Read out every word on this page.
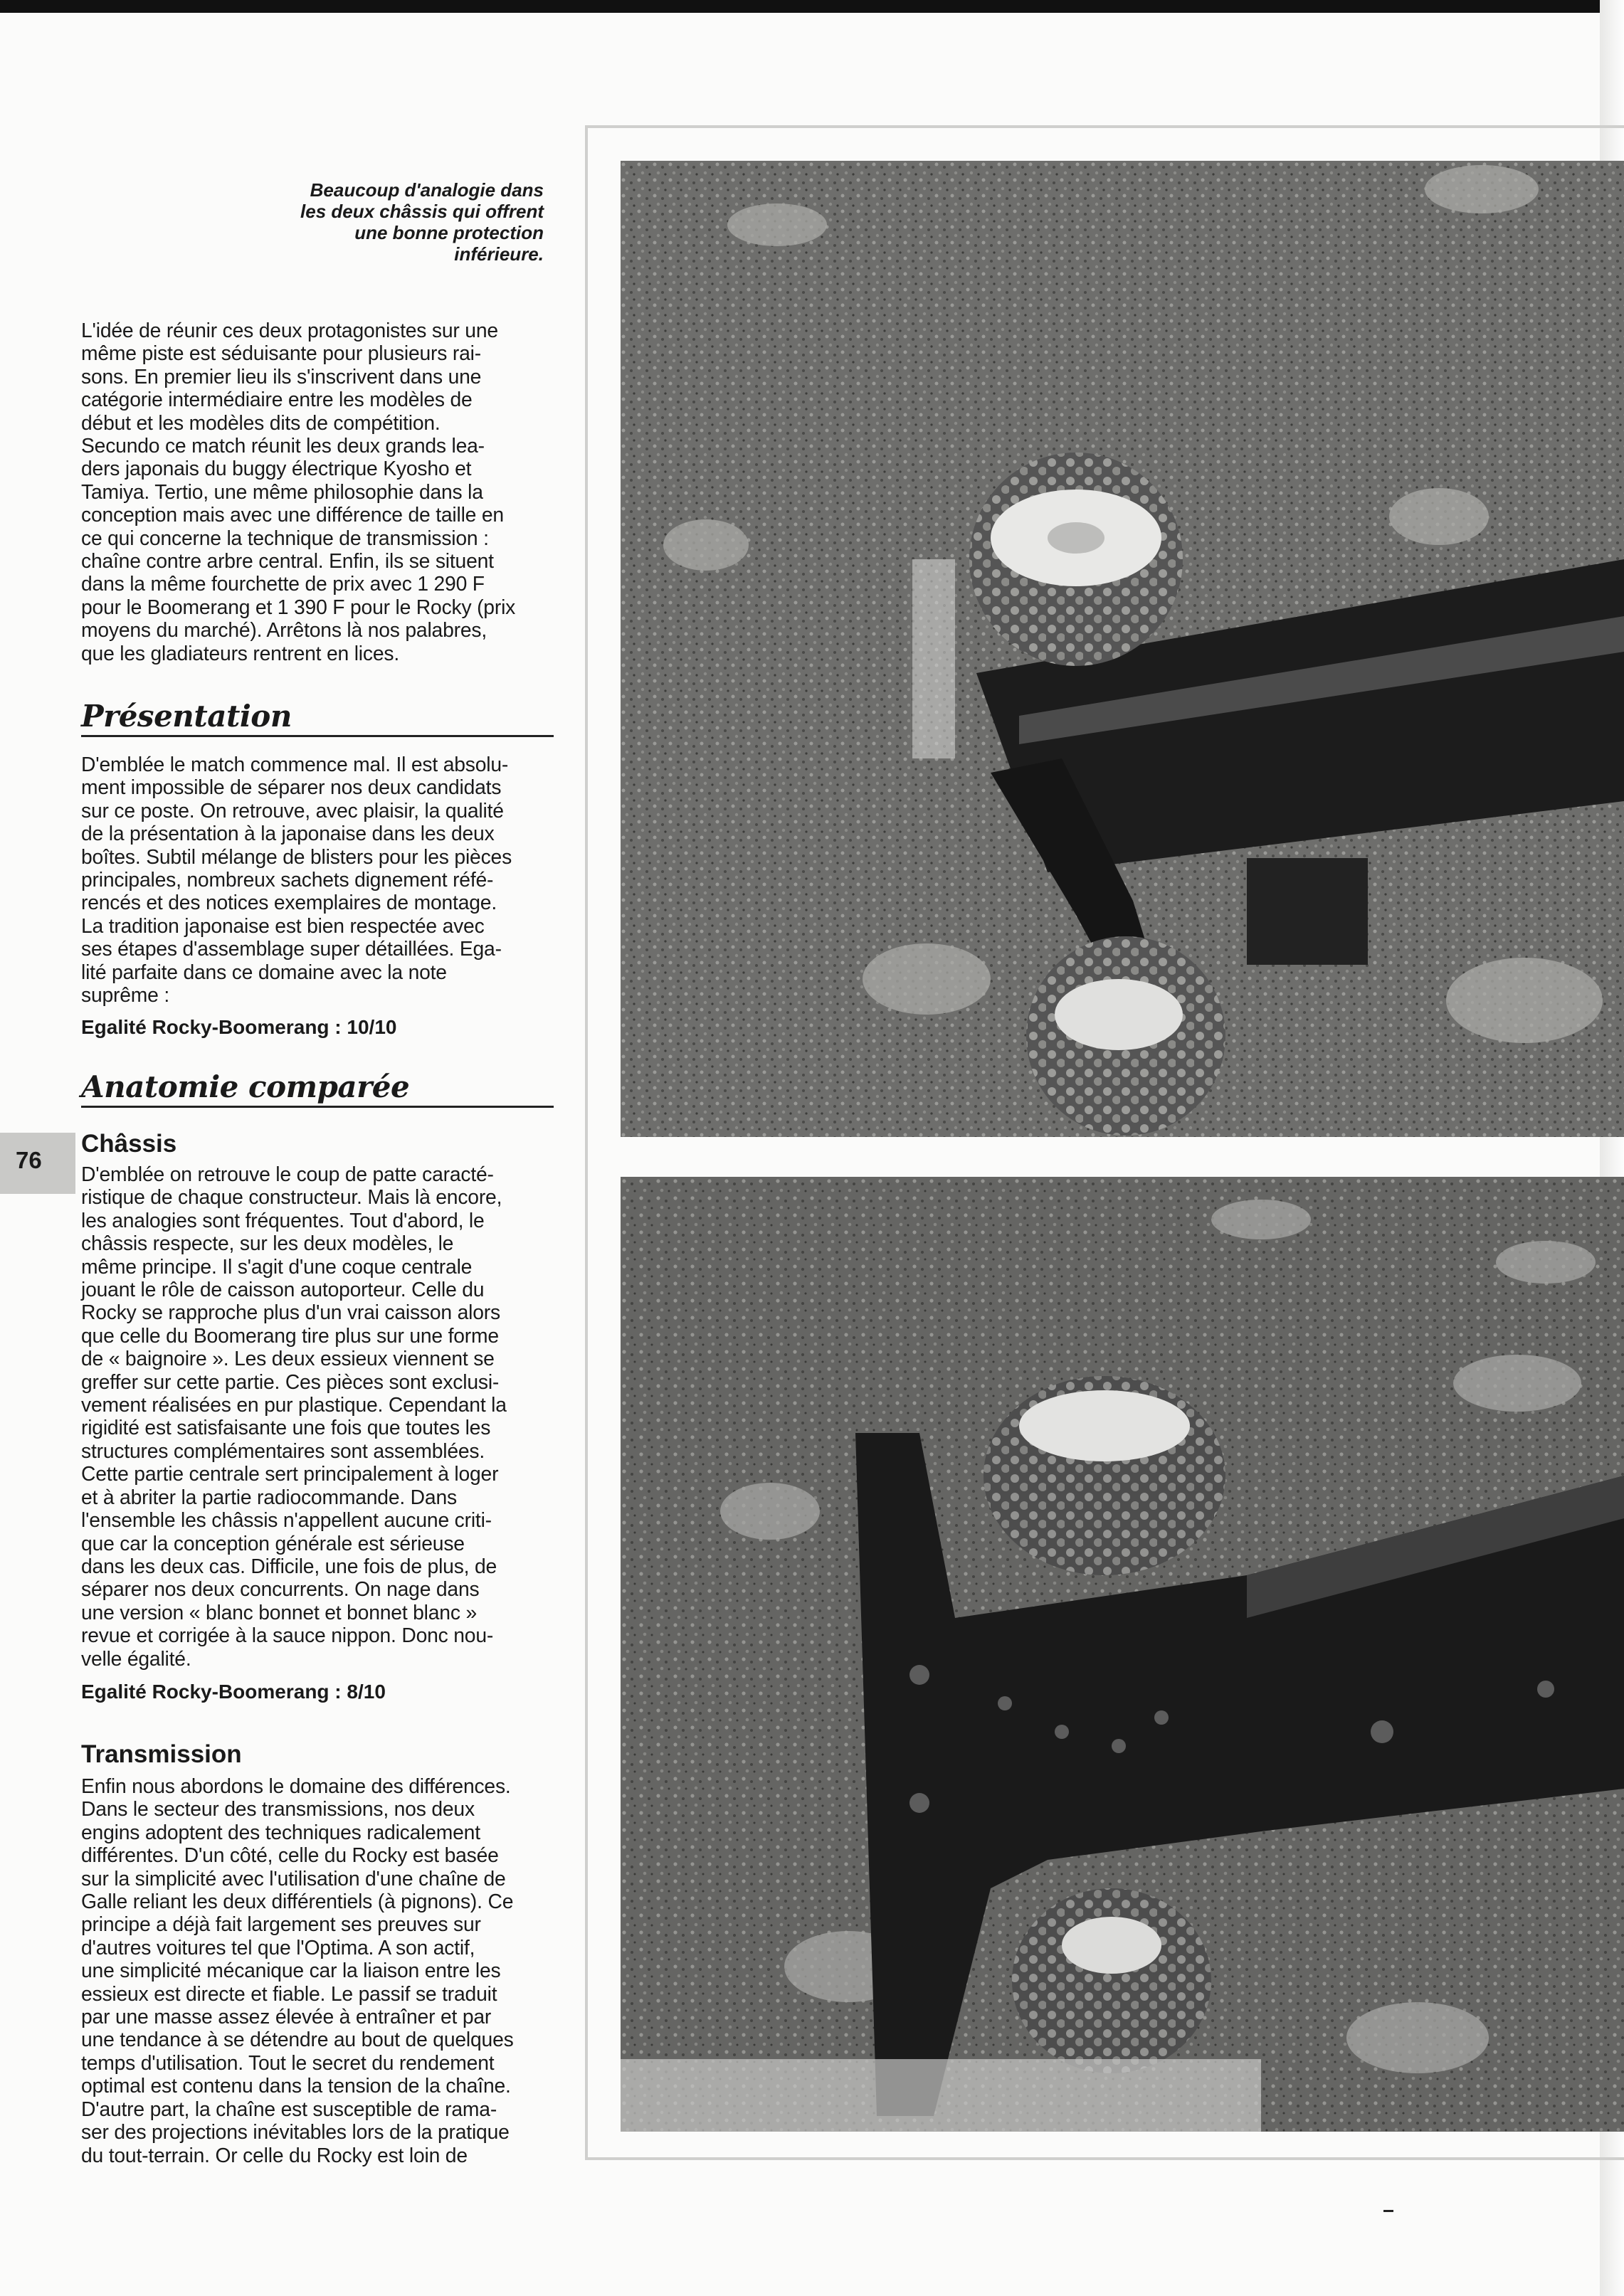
Beaucoup d'analogie dans
les deux châssis qui offrent
une bonne protection
inférieure.

L'idée de réunir ces deux protagonistes sur une
même piste est séduisante pour plusieurs rai-
sons. En premier lieu ils s'inscrivent dans une
catégorie intermédiaire entre les modèles de
début et les modèles dits de compétition.
Secundo ce match réunit les deux grands lea-
ders japonais du buggy électrique Kyosho et
Tamiya. Tertio, une même philosophie dans la
conception mais avec une différence de taille en
ce qui concerne la technique de transmission :
chaîne contre arbre central. Enfin, ils se situent
dans la même fourchette de prix avec 1 290 F
pour le Boomerang et 1 390 F pour le Rocky (prix
moyens du marché). Arrêtons là nos palabres,
que les gladiateurs rentrent en lices.

Présentation

D'emblée le match commence mal. Il est absolu-
ment impossible de séparer nos deux candidats
sur ce poste. On retrouve, avec plaisir, la qualité
de la présentation à la japonaise dans les deux
boîtes. Subtil mélange de blisters pour les pièces
principales, nombreux sachets dignement réfé-
rencés et des notices exemplaires de montage.
La tradition japonaise est bien respectée avec
ses étapes d'assemblage super détaillées. Ega-
lité parfaite dans ce domaine avec la note
suprême :

Egalité Rocky-Boomerang : 10/10
Anatomie comparée
76
Châssis

D'emblée on retrouve le coup de patte caracté-
ristique de chaque constructeur. Mais là encore,
les analogies sont fréquentes. Tout d'abord, le
châssis respecte, sur les deux modèles, le
même principe. Il s'agit d'une coque centrale
jouant le rôle de caisson autoporteur. Celle du
Rocky se rapproche plus d'un vrai caisson alors
que celle du Boomerang tire plus sur une forme
de « baignoire ». Les deux essieux viennent se
greffer sur cette partie. Ces pièces sont exclusi-
vement réalisées en pur plastique. Cependant la
rigidité est satisfaisante une fois que toutes les
structures complémentaires sont assemblées.
Cette partie centrale sert principalement à loger
et à abriter la partie radiocommande. Dans
l'ensemble les châssis n'appellent aucune criti-
que car la conception générale est sérieuse
dans les deux cas. Difficile, une fois de plus, de
séparer nos deux concurrents. On nage dans
une version « blanc bonnet et bonnet blanc »
revue et corrigée à la sauce nippon. Donc nou-
velle égalité.

Egalité Rocky-Boomerang : 8/10
Transmission

Enfin nous abordons le domaine des différences.
Dans le secteur des transmissions, nos deux
engins adoptent des techniques radicalement
différentes. D'un côté, celle du Rocky est basée
sur la simplicité avec l'utilisation d'une chaîne de
Galle reliant les deux différentiels (à pignons). Ce
principe a déjà fait largement ses preuves sur
d'autres voitures tel que l'Optima. A son actif,
une simplicité mécanique car la liaison entre les
essieux est directe et fiable. Le passif se traduit
par une masse assez élevée à entraîner et par
une tendance à se détendre au bout de quelques
temps d'utilisation. Tout le secret du rendement
optimal est contenu dans la tension de la chaîne.
D'autre part, la chaîne est susceptible de rama-
ser des projections inévitables lors de la pratique
du tout-terrain. Or celle du Rocky est loin de
